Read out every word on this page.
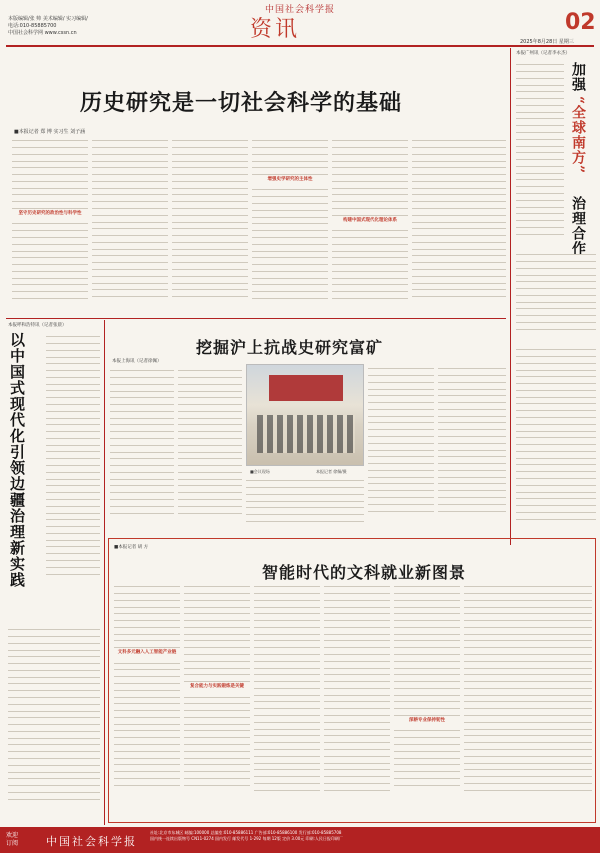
中国社会科学报
本版编辑/张 帅 美术编辑/ 实习编辑/
电话:010-85885700
中国社会科学网 www.cssn.cn	资讯	02
2025年8月28日 星期三
历史研究是一切社会科学的基础
■本报记者 郑 博 实习生 刘子涵
坚守历史研究的政治性与科学性
增强史学研究的主体性
构建中国式现代化理论体系
本报广州讯（记者李永杰）
加强
“全球南方”
治理合作
本报呼和浩特讯（记者张晨）
以中国式现代化引领边疆治理新实践	挖掘沪上抗战史研究富矿
本报上海讯（记者徐佩）
■会议现场	本报记者 徐佩/摄
■本报记者 胡 方
智能时代的文科就业新图景
文科多元融入人工智能产业链
复合能力与实践锻炼是关键
深耕专业保持韧性
欢迎
订阅	中国社会科学报
社址:北京市东城区 邮编:100000 总编室:010-85886111 广告部:010-85886100 发行部:010-85885708
国内统一连续出版物号 CN11-0274 国内发行 邮发代号 1-292 每期 12版 定价 3.00元 印刷:人民日报印刷厂
